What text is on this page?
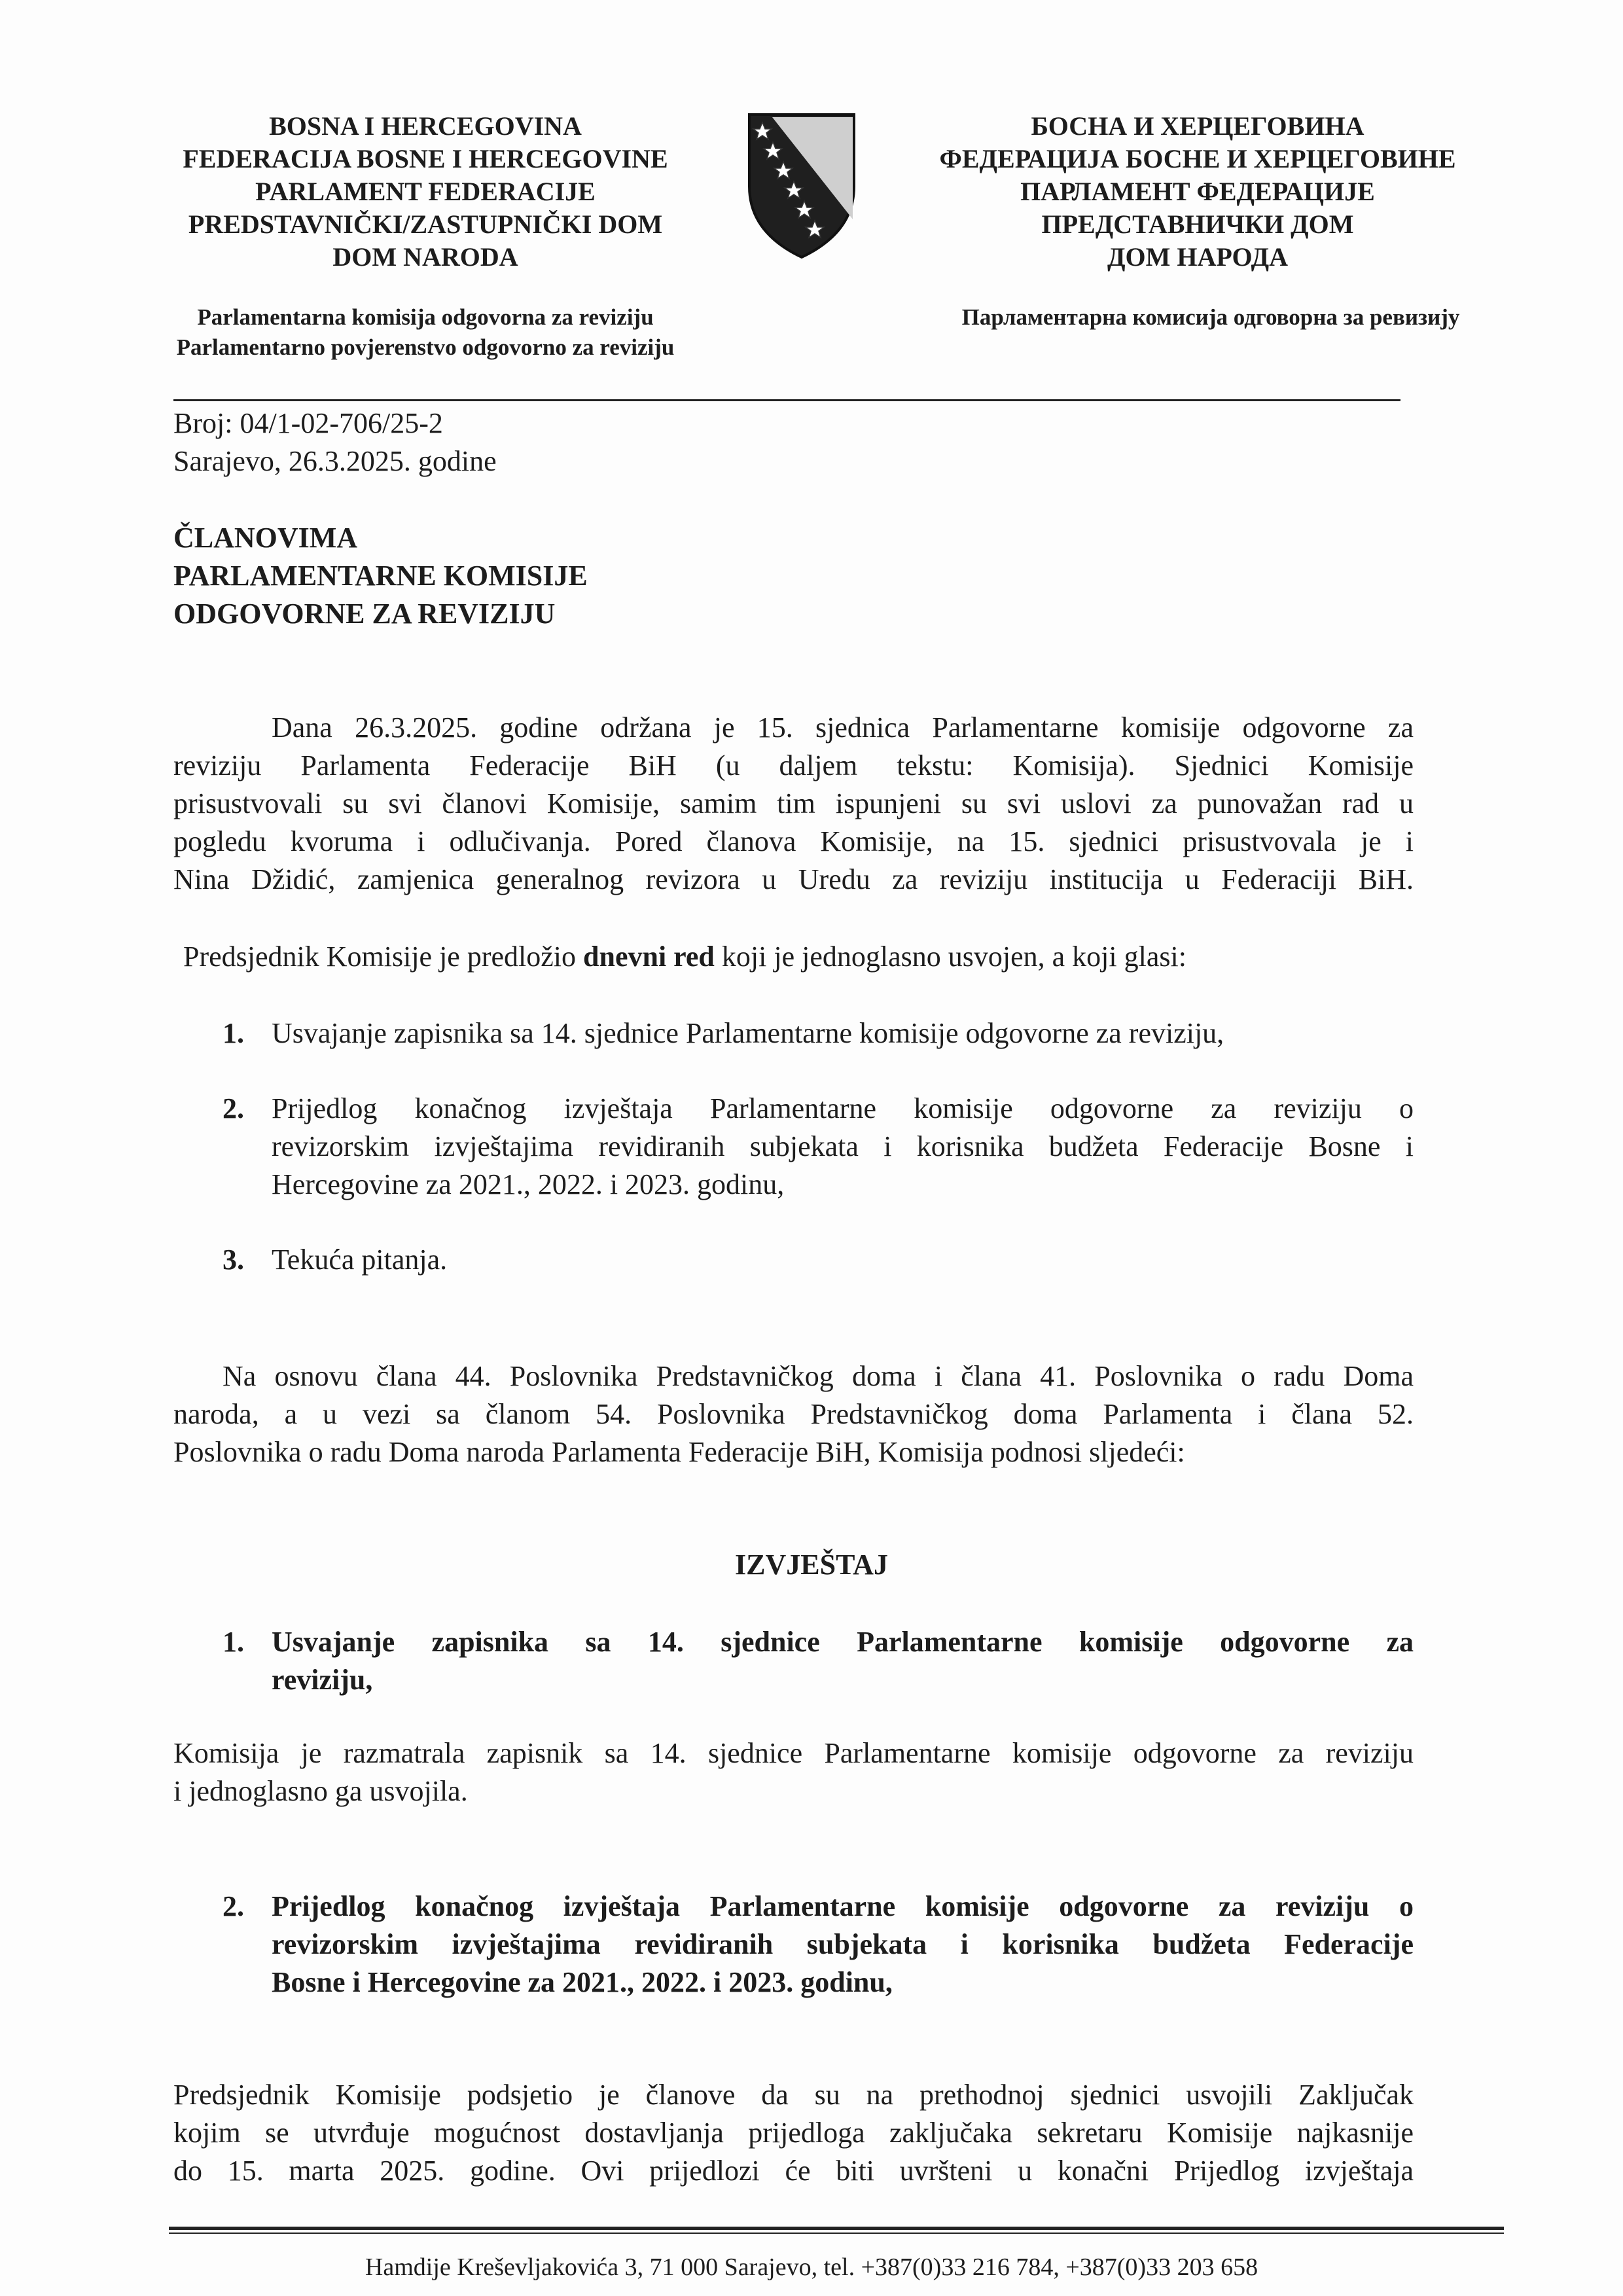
BOSNA I HERCEGOVINA
FEDERACIJA BOSNE I HERCEGOVINE
PARLAMENT FEDERACIJE
PREDSTAVNIČKI/ZASTUPNIČKI DOM
DOM NARODA
БОСНА И ХЕРЦЕГОВИНА
ФЕДЕРАЦИЈА БОСНЕ И ХЕРЦЕГОВИНЕ
ПАРЛАМЕНТ ФЕДЕРАЦИЈЕ
ПРЕДСТАВНИЧКИ ДОМ
ДОМ НАРОДА
Parlamentarna komisija odgovorna za reviziju
Parlamentarno povjerenstvo odgovorno za reviziju
Парламентарна комисија одговорна за ревизију
Broj: 04/1-02-706/25-2
Sarajevo, 26.3.2025. godine
ČLANOVIMA
PARLAMENTARNE KOMISIJE
ODGOVORNE ZA REVIZIJU
Dana 26.3.2025. godine održana je 15. sjednica Parlamentarne komisije odgovorne za
reviziju Parlamenta Federacije BiH (u daljem tekstu: Komisija). Sjednici Komisije
prisustvovali su svi članovi Komisije, samim tim ispunjeni su svi uslovi za punovažan rad u
pogledu kvoruma i odlučivanja. Pored članova Komisije, na 15. sjednici prisustvovala je i
Nina Džidić, zamjenica generalnog revizora u Uredu za reviziju institucija u Federaciji BiH.
Predsjednik Komisije je predložio dnevni red koji je jednoglasno usvojen, a koji glasi:
1. Usvajanje zapisnika sa 14. sjednice Parlamentarne komisije odgovorne za reviziju,
2. Prijedlog konačnog izvještaja Parlamentarne komisije odgovorne za reviziju o
revizorskim izvještajima revidiranih subjekata i korisnika budžeta Federacije Bosne i
Hercegovine za 2021., 2022. i 2023. godinu,
3. Tekuća pitanja.
Na osnovu člana 44. Poslovnika Predstavničkog doma i člana 41. Poslovnika o radu Doma
naroda, a u vezi sa članom 54. Poslovnika Predstavničkog doma Parlamenta i člana 52.
Poslovnika o radu Doma naroda Parlamenta Federacije BiH, Komisija podnosi sljedeći:
IZVJEŠTAJ
1. Usvajanje zapisnika sa 14. sjednice Parlamentarne komisije odgovorne za
reviziju,
Komisija je razmatrala zapisnik sa 14. sjednice Parlamentarne komisije odgovorne za reviziju
i jednoglasno ga usvojila.
2. Prijedlog konačnog izvještaja Parlamentarne komisije odgovorne za reviziju o
revizorskim izvještajima revidiranih subjekata i korisnika budžeta Federacije
Bosne i Hercegovine za 2021., 2022. i 2023. godinu,
Predsjednik Komisije podsjetio je članove da su na prethodnoj sjednici usvojili Zaključak
kojim se utvrđuje mogućnost dostavljanja prijedloga zaključaka sekretaru Komisije najkasnije
do 15. marta 2025. godine. Ovi prijedlozi će biti uvršteni u konačni Prijedlog izvještaja
Hamdije Kreševljakovića 3, 71 000 Sarajevo, tel. +387(0)33 216 784, +387(0)33 203 658
